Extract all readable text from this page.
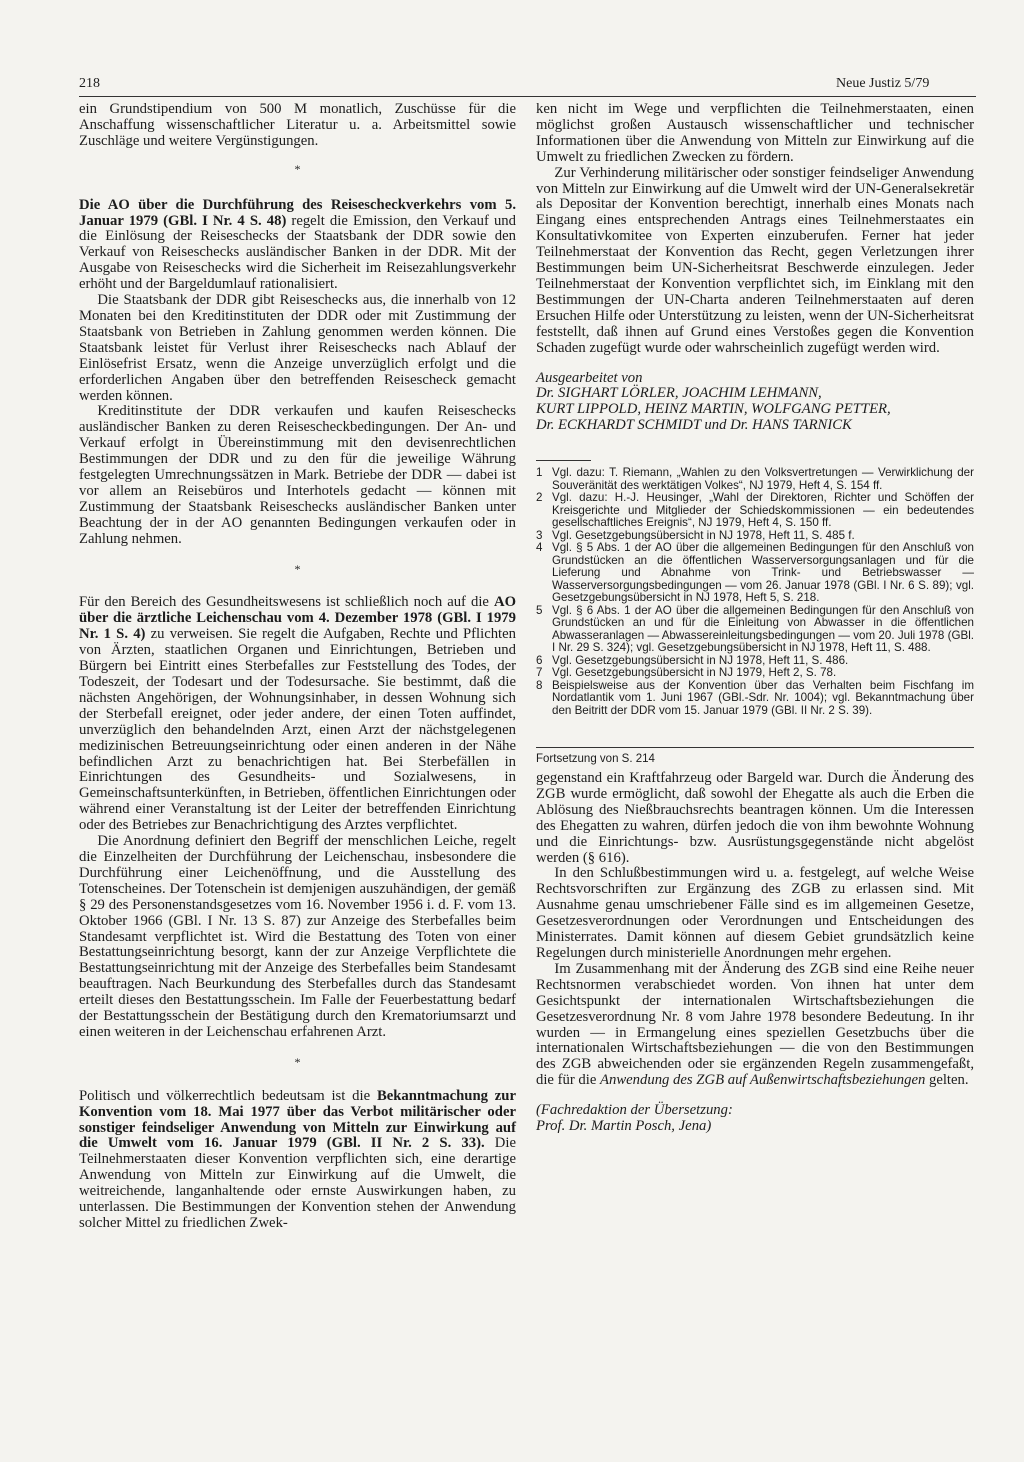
218	Neue Justiz 5/79

ein Grundstipendium von 500 M monatlich, Zuschüsse für die Anschaffung wissenschaftlicher Literatur u. a. Arbeitsmittel sowie Zuschläge und weitere Vergünstigungen.

*

Die AO über die Durchführung des Reisescheckverkehrs vom 5. Januar 1979 (GBl. I Nr. 4 S. 48) regelt die Emission, den Verkauf und die Einlösung der Reiseschecks der Staatsbank der DDR sowie den Verkauf von Reiseschecks ausländischer Banken in der DDR. Mit der Ausgabe von Reiseschecks wird die Sicherheit im Reisezahlungsverkehr erhöht und der Bargeldumlauf rationalisiert.

Die Staatsbank der DDR gibt Reiseschecks aus, die innerhalb von 12 Monaten bei den Kreditinstituten der DDR oder mit Zustimmung der Staatsbank von Betrieben in Zahlung genommen werden können. Die Staatsbank leistet für Verlust ihrer Reiseschecks nach Ablauf der Einlösefrist Ersatz, wenn die Anzeige unverzüglich erfolgt und die erforderlichen Angaben über den betreffenden Reisescheck gemacht werden können.

Kreditinstitute der DDR verkaufen und kaufen Reiseschecks ausländischer Banken zu deren Reisescheckbedingungen. Der An- und Verkauf erfolgt in Übereinstimmung mit den devisenrechtlichen Bestimmungen der DDR und zu den für die jeweilige Währung festgelegten Umrechnungssätzen in Mark. Betriebe der DDR — dabei ist vor allem an Reisebüros und Interhotels gedacht — können mit Zustimmung der Staatsbank Reiseschecks ausländischer Banken unter Beachtung der in der AO genannten Bedingungen verkaufen oder in Zahlung nehmen.

*

Für den Bereich des Gesundheitswesens ist schließlich noch auf die AO über die ärztliche Leichenschau vom 4. Dezember 1978 (GBl. I 1979 Nr. 1 S. 4) zu verweisen. Sie regelt die Aufgaben, Rechte und Pflichten von Ärzten, staatlichen Organen und Einrichtungen, Betrieben und Bürgern bei Eintritt eines Sterbefalles zur Feststellung des Todes, der Todeszeit, der Todesart und der Todesursache. Sie bestimmt, daß die nächsten Angehörigen, der Wohnungsinhaber, in dessen Wohnung sich der Sterbefall ereignet, oder jeder andere, der einen Toten auffindet, unverzüglich den behandelnden Arzt, einen Arzt der nächstgelegenen medizinischen Betreuungseinrichtung oder einen anderen in der Nähe befindlichen Arzt zu benachrichtigen hat. Bei Sterbefällen in Einrichtungen des Gesundheits- und Sozialwesens, in Gemeinschaftsunterkünften, in Betrieben, öffentlichen Einrichtungen oder während einer Veranstaltung ist der Leiter der betreffenden Einrichtung oder des Betriebes zur Benachrichtigung des Arztes verpflichtet.

Die Anordnung definiert den Begriff der menschlichen Leiche, regelt die Einzelheiten der Durchführung der Leichenschau, insbesondere die Durchführung einer Leichenöffnung, und die Ausstellung des Totenscheines. Der Totenschein ist demjenigen auszuhändigen, der gemäß § 29 des Personenstandsgesetzes vom 16. November 1956 i. d. F. vom 13. Oktober 1966 (GBl. I Nr. 13 S. 87) zur Anzeige des Sterbefalles beim Standesamt verpflichtet ist. Wird die Bestattung des Toten von einer Bestattungseinrichtung besorgt, kann der zur Anzeige Verpflichtete die Bestattungseinrichtung mit der Anzeige des Sterbefalles beim Standesamt beauftragen. Nach Beurkundung des Sterbefalles durch das Standesamt erteilt dieses den Bestattungsschein. Im Falle der Feuerbestattung bedarf der Bestattungsschein der Bestätigung durch den Krematoriumsarzt und einen weiteren in der Leichenschau erfahrenen Arzt.

*

Politisch und völkerrechtlich bedeutsam ist die Bekanntmachung zur Konvention vom 18. Mai 1977 über das Verbot militärischer oder sonstiger feindseliger Anwendung von Mitteln zur Einwirkung auf die Umwelt vom 16. Januar 1979 (GBl. II Nr. 2 S. 33). Die Teilnehmerstaaten dieser Konvention verpflichten sich, eine derartige Anwendung von Mitteln zur Einwirkung auf die Umwelt, die weitreichende, langanhaltende oder ernste Auswirkungen haben, zu unterlassen. Die Bestimmungen der Konvention stehen der Anwendung solcher Mittel zu friedlichen Zwek-

ken nicht im Wege und verpflichten die Teilnehmerstaaten, einen möglichst großen Austausch wissenschaftlicher und technischer Informationen über die Anwendung von Mitteln zur Einwirkung auf die Umwelt zu friedlichen Zwecken zu fördern.

Zur Verhinderung militärischer oder sonstiger feindseliger Anwendung von Mitteln zur Einwirkung auf die Umwelt wird der UN-Generalsekretär als Depositar der Konvention berechtigt, innerhalb eines Monats nach Eingang eines entsprechenden Antrags eines Teilnehmerstaates ein Konsultativkomitee von Experten einzuberufen. Ferner hat jeder Teilnehmerstaat der Konvention das Recht, gegen Verletzungen ihrer Bestimmungen beim UN-Sicherheitsrat Beschwerde einzulegen. Jeder Teilnehmerstaat der Konvention verpflichtet sich, im Einklang mit den Bestimmungen der UN-Charta anderen Teilnehmerstaaten auf deren Ersuchen Hilfe oder Unterstützung zu leisten, wenn der UN-Sicherheitsrat feststellt, daß ihnen auf Grund eines Verstoßes gegen die Konvention Schaden zugefügt wurde oder wahrscheinlich zugefügt werden wird.

Ausgearbeitet von
Dr. SIGHART LÖRLER, JOACHIM LEHMANN,
KURT LIPPOLD, HEINZ MARTIN, WOLFGANG PETTER,
Dr. ECKHARDT SCHMIDT und Dr. HANS TARNICK
1 Vgl. dazu: T. Riemann, „Wahlen zu den Volksvertretungen — Verwirklichung der Souveränität des werktätigen Volkes“, NJ 1979, Heft 4, S. 154 ff.
2 Vgl. dazu: H.-J. Heusinger, „Wahl der Direktoren, Richter und Schöffen der Kreisgerichte und Mitglieder der Schiedskommissionen — ein bedeutendes gesellschaftliches Ereignis“, NJ 1979, Heft 4, S. 150 ff.
3 Vgl. Gesetzgebungsübersicht in NJ 1978, Heft 11, S. 485 f.
4 Vgl. § 5 Abs. 1 der AO über die allgemeinen Bedingungen für den Anschluß von Grundstücken an die öffentlichen Wasserversorgungsanlagen und für die Lieferung und Abnahme von Trink- und Betriebswasser — Wasserversorgungsbedingungen — vom 26. Januar 1978 (GBl. I Nr. 6 S. 89); vgl. Gesetzgebungsübersicht in NJ 1978, Heft 5, S. 218.
5 Vgl. § 6 Abs. 1 der AO über die allgemeinen Bedingungen für den Anschluß von Grundstücken an und für die Einleitung von Abwasser in die öffentlichen Abwasseranlagen — Abwassereinleitungsbedingungen — vom 20. Juli 1978 (GBl. I Nr. 29 S. 324); vgl. Gesetzgebungsübersicht in NJ 1978, Heft 11, S. 488.
6 Vgl. Gesetzgebungsübersicht in NJ 1978, Heft 11, S. 486.
7 Vgl. Gesetzgebungsübersicht in NJ 1979, Heft 2, S. 78.
8 Beispielsweise aus der Konvention über das Verhalten beim Fischfang im Nordatlantik vom 1. Juni 1967 (GBl.-Sdr. Nr. 1004); vgl. Bekanntmachung über den Beitritt der DDR vom 15. Januar 1979 (GBl. II Nr. 2 S. 39).
Fortsetzung von S. 214

gegenstand ein Kraftfahrzeug oder Bargeld war. Durch die Änderung des ZGB wurde ermöglicht, daß sowohl der Ehegatte als auch die Erben die Ablösung des Nießbrauchsrechts beantragen können. Um die Interessen des Ehegatten zu wahren, dürfen jedoch die von ihm bewohnte Wohnung und die Einrichtungs- bzw. Ausrüstungsgegenstände nicht abgelöst werden (§ 616).

In den Schlußbestimmungen wird u. a. festgelegt, auf welche Weise Rechtsvorschriften zur Ergänzung des ZGB zu erlassen sind. Mit Ausnahme genau umschriebener Fälle sind es im allgemeinen Gesetze, Gesetzesverordnungen oder Verordnungen und Entscheidungen des Ministerrates. Damit können auf diesem Gebiet grundsätzlich keine Regelungen durch ministerielle Anordnungen mehr ergehen.

Im Zusammenhang mit der Änderung des ZGB sind eine Reihe neuer Rechtsnormen verabschiedet worden. Von ihnen hat unter dem Gesichtspunkt der internationalen Wirtschaftsbeziehungen die Gesetzesverordnung Nr. 8 vom Jahre 1978 besondere Bedeutung. In ihr wurden — in Ermangelung eines speziellen Gesetzbuchs über die internationalen Wirtschaftsbeziehungen — die von den Bestimmungen des ZGB abweichenden oder sie ergänzenden Regeln zusammengefaßt, die für die Anwendung des ZGB auf Außenwirtschaftsbeziehungen gelten.

(Fachredaktion der Übersetzung:
Prof. Dr. Martin Posch, Jena)
